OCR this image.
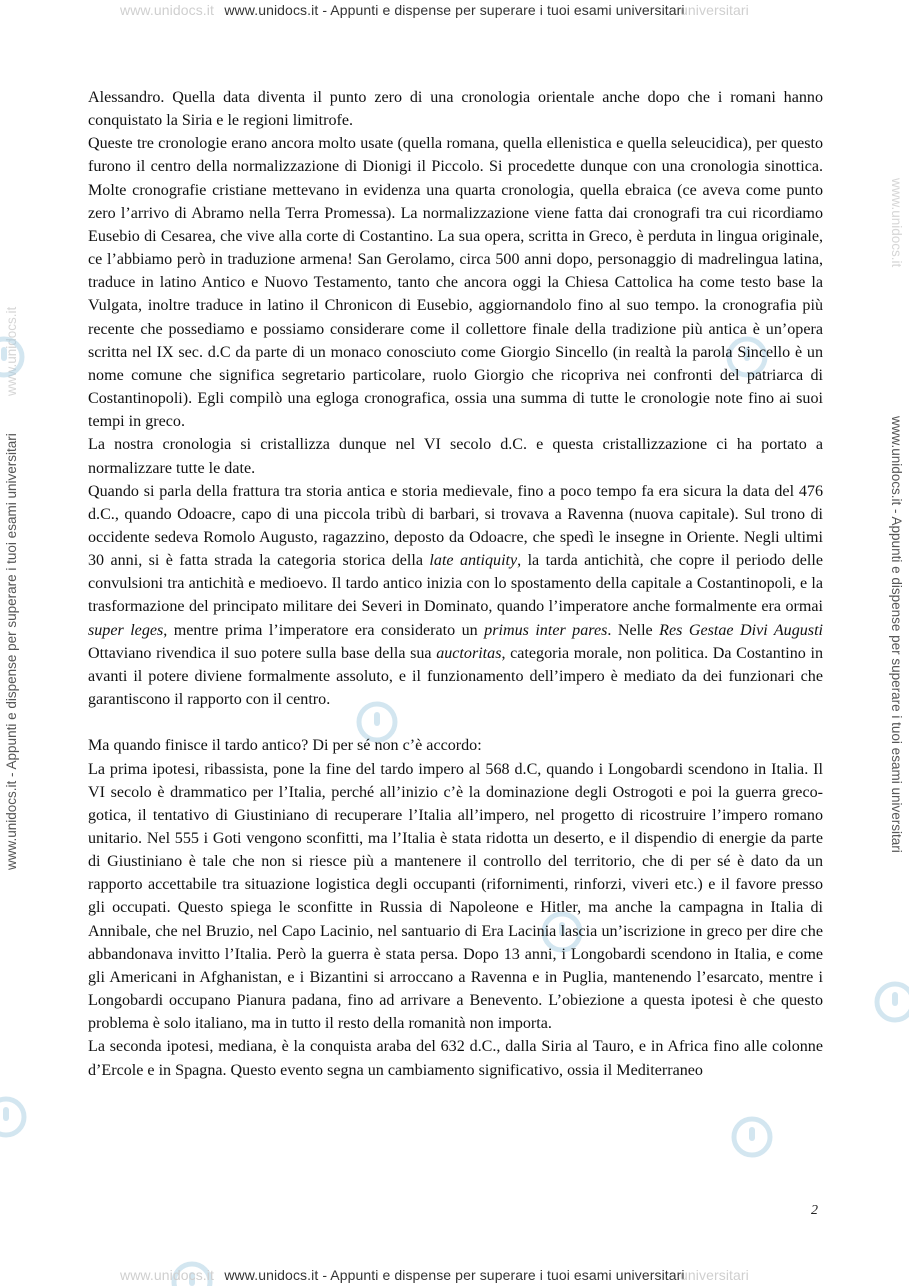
www.unidocs.it www.unidocs.it - Appunti e dispense per superare i tuoi esami universitari
universitari
www.unidocs.it
www.unidocs.it - Appunti e dispense per superare i tuoi esami universitari
www.unidocs.it
www.unidocs.it - Appunti e dispense per superare i tuoi esami universitari

Alessandro. Quella data diventa il punto zero di una cronologia orientale anche dopo che i romani hanno conquistato la Siria e le regioni limitrofe.

Queste tre cronologie erano ancora molto usate (quella romana, quella ellenistica e quella seleucidica), per questo furono il centro della normalizzazione di Dionigi il Piccolo. Si procedette dunque con una cronologia sinottica. Molte cronografie cristiane mettevano in evidenza una quarta cronologia, quella ebraica (ce aveva come punto zero l’arrivo di Abramo nella Terra Promessa). La normalizzazione viene fatta dai cronografi tra cui ricordiamo Eusebio di Cesarea, che vive alla corte di Costantino. La sua opera, scritta in Greco, è perduta in lingua originale, ce l’abbiamo però in traduzione armena! San Gerolamo, circa 500 anni dopo, personaggio di madrelingua latina, traduce in latino Antico e Nuovo Testamento, tanto che ancora oggi la Chiesa Cattolica ha come testo base la Vulgata, inoltre traduce in latino il Chronicon di Eusebio, aggiornandolo fino al suo tempo. la cronografia più recente che possediamo e possiamo considerare come il collettore finale della tradizione più antica è un’opera scritta nel IX sec. d.C da parte di un monaco conosciuto come Giorgio Sincello (in realtà la parola Sincello è un nome comune che significa segretario particolare, ruolo Giorgio che ricopriva nei confronti del patriarca di Costantinopoli). Egli compilò una egloga cronografica, ossia una summa di tutte le cronologie note fino ai suoi tempi in greco.

La nostra cronologia si cristallizza dunque nel VI secolo d.C. e questa cristallizzazione ci ha portato a normalizzare tutte le date.

Quando si parla della frattura tra storia antica e storia medievale, fino a poco tempo fa era sicura la data del 476 d.C., quando Odoacre, capo di una piccola tribù di barbari, si trovava a Ravenna (nuova capitale). Sul trono di occidente sedeva Romolo Augusto, ragazzino, deposto da Odoacre, che spedì le insegne in Oriente. Negli ultimi 30 anni, si è fatta strada la categoria storica della late antiquity, la tarda antichità, che copre il periodo delle convulsioni tra antichità e medioevo. Il tardo antico inizia con lo spostamento della capitale a Costantinopoli, e la trasformazione del principato militare dei Severi in Dominato, quando l’imperatore anche formalmente era ormai super leges, mentre prima l’imperatore era considerato un primus inter pares. Nelle Res Gestae Divi Augusti Ottaviano rivendica il suo potere sulla base della sua auctoritas, categoria morale, non politica. Da Costantino in avanti il potere diviene formalmente assoluto, e il funzionamento dell’impero è mediato da dei funzionari che garantiscono il rapporto con il centro.

Ma quando finisce il tardo antico? Di per sé non c’è accordo:

La prima ipotesi, ribassista, pone la fine del tardo impero al 568 d.C, quando i Longobardi scendono in Italia. Il VI secolo è drammatico per l’Italia, perché all’inizio c’è la dominazione degli Ostrogoti e poi la guerra greco-gotica, il tentativo di Giustiniano di recuperare l’Italia all’impero, nel progetto di ricostruire l’impero romano unitario. Nel 555 i Goti vengono sconfitti, ma l’Italia è stata ridotta un deserto, e il dispendio di energie da parte di Giustiniano è tale che non si riesce più a mantenere il controllo del territorio, che di per sé è dato da un rapporto accettabile tra situazione logistica degli occupanti (rifornimenti, rinforzi, viveri etc.) e il favore presso gli occupati. Questo spiega le sconfitte in Russia di Napoleone e Hitler, ma anche la campagna in Italia di Annibale, che nel Bruzio, nel Capo Lacinio, nel santuario di Era Lacinia lascia un’iscrizione in greco per dire che abbandonava invitto l’Italia. Però la guerra è stata persa. Dopo 13 anni, i Longobardi scendono in Italia, e come gli Americani in Afghanistan, e i Bizantini si arroccano a Ravenna e in Puglia, mantenendo l’esarcato, mentre i Longobardi occupano Pianura padana, fino ad arrivare a Benevento. L’obiezione a questa ipotesi è che questo problema è solo italiano, ma in tutto il resto della romanità non importa.

La seconda ipotesi, mediana, è la conquista araba del 632 d.C., dalla Siria al Tauro, e in Africa fino alle colonne d’Ercole e in Spagna. Questo evento segna un cambiamento significativo, ossia il Mediterraneo

2
www.unidocs.it www.unidocs.it - Appunti e dispense per superare i tuoi esami universitari
universitari
